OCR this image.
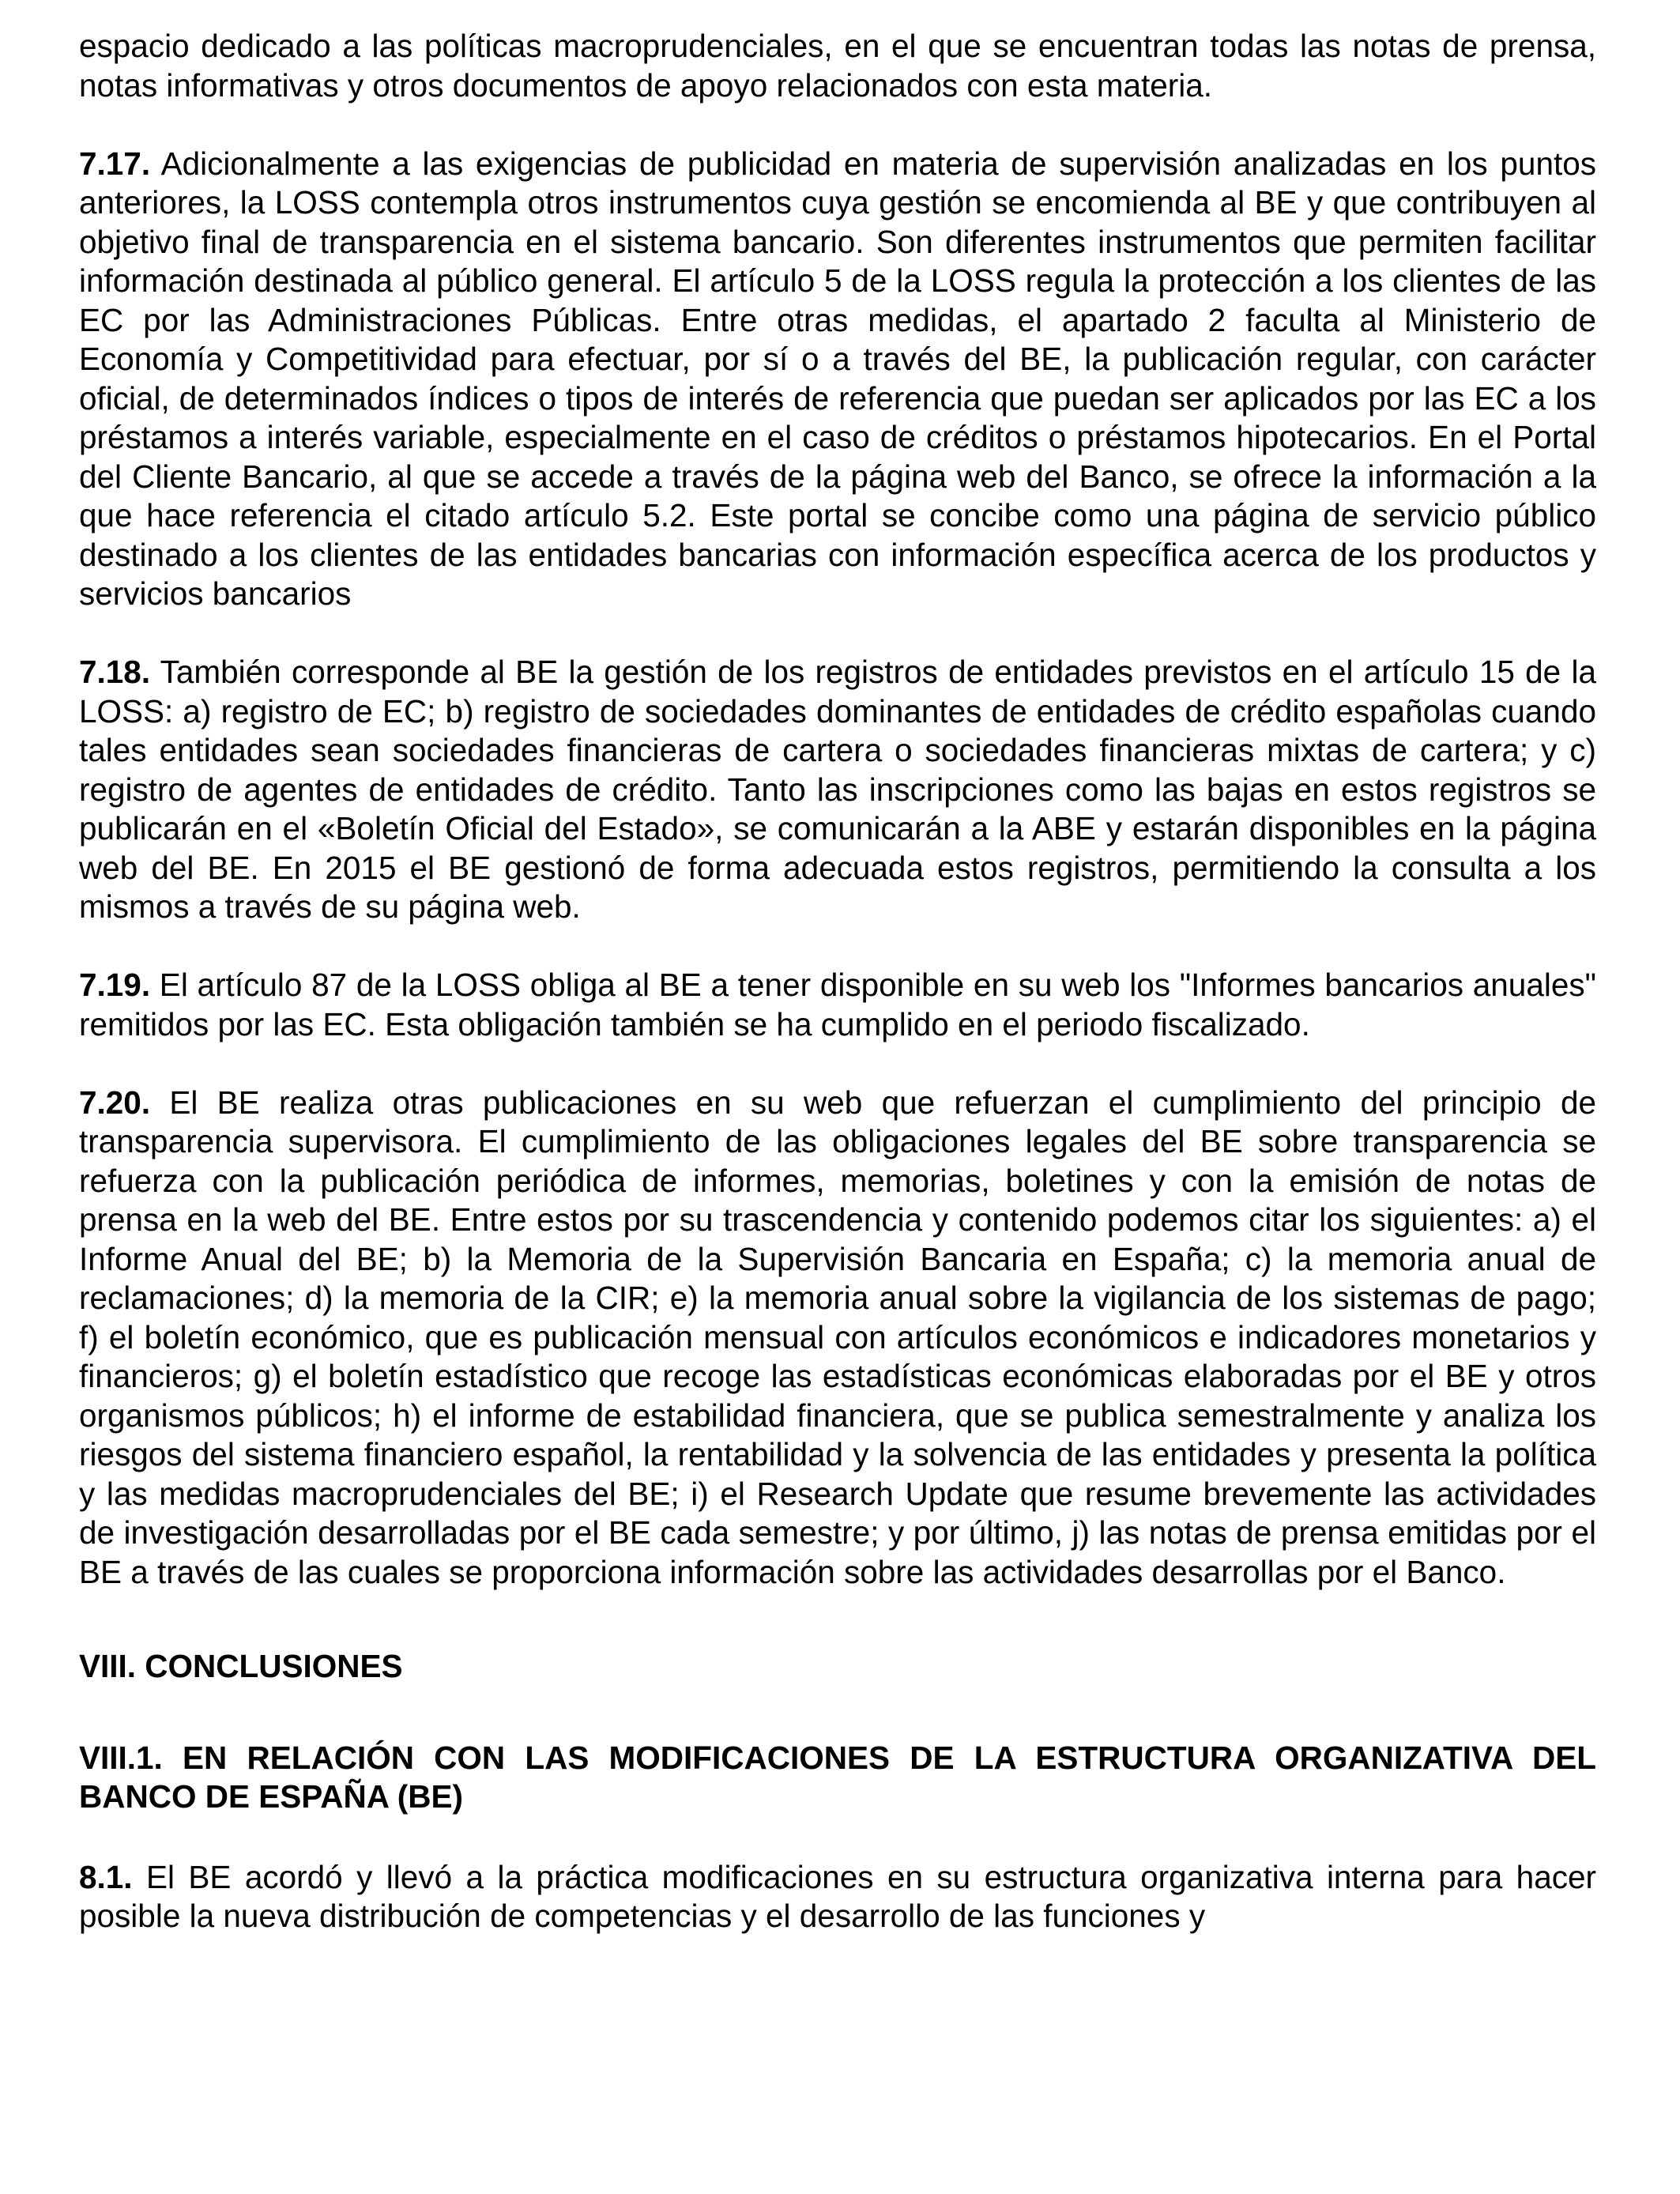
espacio dedicado a las políticas macroprudenciales, en el que se encuentran todas las notas de prensa, notas informativas y otros documentos de apoyo relacionados con esta materia.

7.17. Adicionalmente a las exigencias de publicidad en materia de supervisión analizadas en los puntos anteriores, la LOSS contempla otros instrumentos cuya gestión se encomienda al BE y que contribuyen al objetivo final de transparencia en el sistema bancario. Son diferentes instrumentos que permiten facilitar información destinada al público general. El artículo 5 de la LOSS regula la protección a los clientes de las EC por las Administraciones Públicas. Entre otras medidas, el apartado 2 faculta al Ministerio de Economía y Competitividad para efectuar, por sí o a través del BE, la publicación regular, con carácter oficial, de determinados índices o tipos de interés de referencia que puedan ser aplicados por las EC a los préstamos a interés variable, especialmente en el caso de créditos o préstamos hipotecarios. En el Portal del Cliente Bancario, al que se accede a través de la página web del Banco, se ofrece la información a la que hace referencia el citado artículo 5.2. Este portal se concibe como una página de servicio público destinado a los clientes de las entidades bancarias con información específica acerca de los productos y servicios bancarios

7.18. También corresponde al BE la gestión de los registros de entidades previstos en el artículo 15 de la LOSS: a) registro de EC; b) registro de sociedades dominantes de entidades de crédito españolas cuando tales entidades sean sociedades financieras de cartera o sociedades financieras mixtas de cartera; y c) registro de agentes de entidades de crédito. Tanto las inscripciones como las bajas en estos registros se publicarán en el «Boletín Oficial del Estado», se comunicarán a la ABE y estarán disponibles en la página web del BE. En 2015 el BE gestionó de forma adecuada estos registros, permitiendo la consulta a los mismos a través de su página web.

7.19. El artículo 87 de la LOSS obliga al BE a tener disponible en su web los "Informes bancarios anuales" remitidos por las EC. Esta obligación también se ha cumplido en el periodo fiscalizado.

7.20. El BE realiza otras publicaciones en su web que refuerzan el cumplimiento del principio de transparencia supervisora. El cumplimiento de las obligaciones legales del BE sobre transparencia se refuerza con la publicación periódica de informes, memorias, boletines y con la emisión de notas de prensa en la web del BE. Entre estos por su trascendencia y contenido podemos citar los siguientes: a) el Informe Anual del BE; b) la Memoria de la Supervisión Bancaria en España; c) la memoria anual de reclamaciones; d) la memoria de la CIR; e) la memoria anual sobre la vigilancia de los sistemas de pago; f) el boletín económico, que es publicación mensual con artículos económicos e indicadores monetarios y financieros; g) el boletín estadístico que recoge las estadísticas económicas elaboradas por el BE y otros organismos públicos; h) el informe de estabilidad financiera, que se publica semestralmente y analiza los riesgos del sistema financiero español, la rentabilidad y la solvencia de las entidades y presenta la política y las medidas macroprudenciales del BE; i) el Research Update que resume brevemente las actividades de investigación desarrolladas por el BE cada semestre; y por último, j) las notas de prensa emitidas por el BE a través de las cuales se proporciona información sobre las actividades desarrollas por el Banco.

VIII. CONCLUSIONES
VIII.1. EN RELACIÓN CON LAS MODIFICACIONES DE LA ESTRUCTURA ORGANIZATIVA DEL BANCO DE ESPAÑA (BE)

8.1. El BE acordó y llevó a la práctica modificaciones en su estructura organizativa interna para hacer posible la nueva distribución de competencias y el desarrollo de las funciones y
